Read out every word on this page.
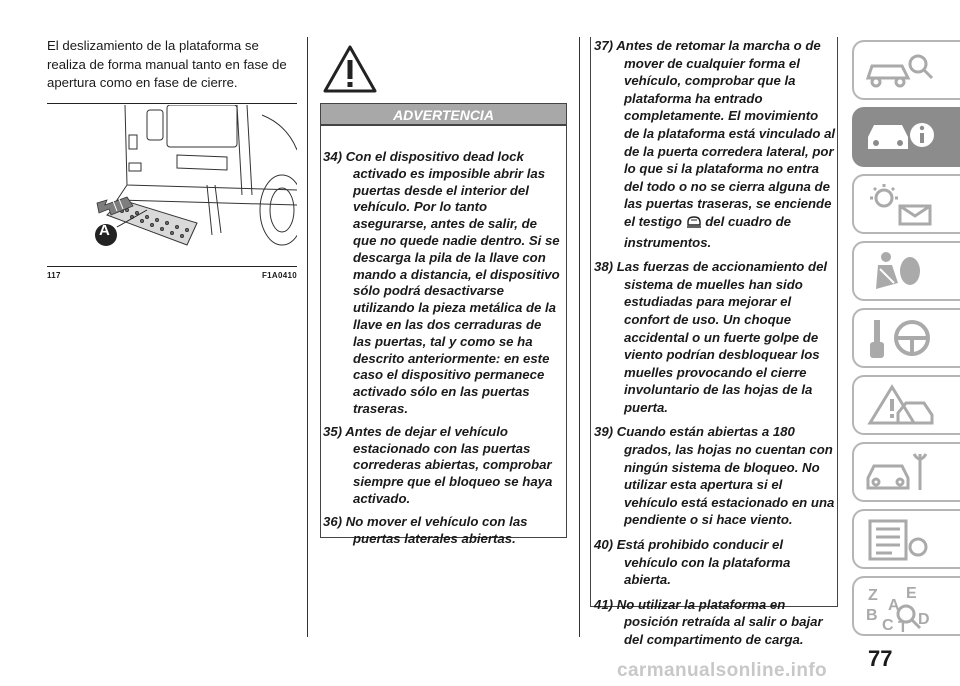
El deslizamiento de la plataforma se realiza de forma manual tanto en fase de apertura como en fase de cierre.
A
117	F1A0410
ADVERTENCIA
34) Con el dispositivo dead lock activado es imposible abrir las puertas desde el interior del vehículo. Por lo tanto asegurarse, antes de salir, de que no quede nadie dentro. Si se descarga la pila de la llave con mando a distancia, el dispositivo sólo podrá desactivarse utilizando la pieza metálica de la llave en las dos cerraduras de las puertas, tal y como se ha descrito anteriormente: en este caso el dispositivo permanece activado sólo en las puertas traseras.
35) Antes de dejar el vehículo estacionado con las puertas correderas abiertas, comprobar siempre que el bloqueo se haya activado.
36) No mover el vehículo con las puertas laterales abiertas.
37) Antes de retomar la marcha o de mover de cualquier forma el vehículo, comprobar que la plataforma ha entrado completamente. El movimiento de la plataforma está vinculado al de la puerta corredera lateral, por lo que si la plataforma no entra del todo o no se cierra alguna de las puertas traseras, se enciende el testigo del cuadro de instrumentos.
38) Las fuerzas de accionamiento del sistema de muelles han sido estudiadas para mejorar el confort de uso. Un choque accidental o un fuerte golpe de viento podrían desbloquear los muelles provocando el cierre involuntario de las hojas de la puerta.
39) Cuando están abiertas a 180 grados, las hojas no cuentan con ningún sistema de bloqueo. No utilizar esta apertura si el vehículo está estacionado en una pendiente o si hace viento.
40) Está prohibido conducir el vehículo con la plataforma abierta.
41) No utilizar la plataforma en posición retraída al salir o bajar del compartimento de carga.
Z E
A
B	D
C T
77
carmanualsonline.info
